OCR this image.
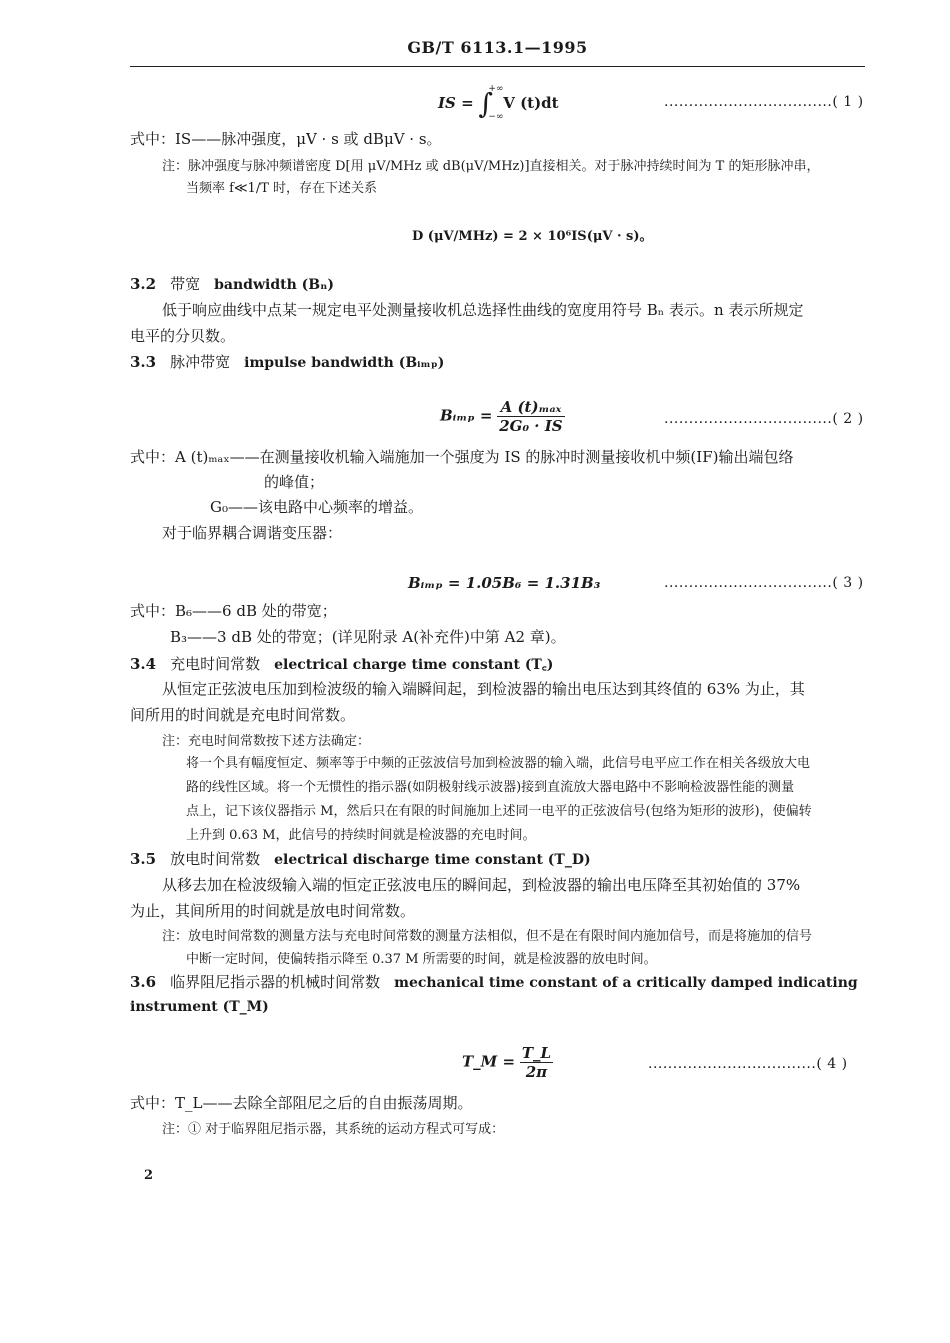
GB/T 6113.1—1995
IS = ∫
+∞
−∞
V (t)dt	..................................( 1 )
式中：IS——脉冲强度，μV · s 或 dBμV · s。
注：脉冲强度与脉冲频谱密度 D[用 μV/MHz 或 dB(μV/MHz)]直接相关。对于脉冲持续时间为 T 的矩形脉冲串，
当频率 f≪1/T 时，存在下述关系
D (μV/MHz) = 2 × 10⁶IS(μV · s)。
3.2 带宽 bandwidth (Bₙ)
低于响应曲线中点某一规定电平处测量接收机总选择性曲线的宽度用符号 Bₙ 表示。n 表示所规定
电平的分贝数。
3.3 脉冲带宽 impulse bandwidth (Bᵢₘₚ)
Bᵢₘₚ = $\frac{\text{A (t)ₘₐₓ}}{\text{2G₀ · IS}}$	..................................( 2 )
式中：A (t)ₘₐₓ——在测量接收机输入端施加一个强度为 IS 的脉冲时测量接收机中频(IF)输出端包络
的峰值；
G₀——该电路中心频率的增益。
对于临界耦合调谐变压器：
Bᵢₘₚ = 1.05B₆ = 1.31B₃	..................................( 3 )
式中：B₆——6 dB 处的带宽；
B₃——3 dB 处的带宽；(详见附录 A(补充件)中第 A2 章)。
3.4 充电时间常数 electrical charge time constant (T꜀)
从恒定正弦波电压加到检波级的输入端瞬间起，到检波器的输出电压达到其终值的 63% 为止，其
间所用的时间就是充电时间常数。
注：充电时间常数按下述方法确定：
将一个具有幅度恒定、频率等于中频的正弦波信号加到检波器的输入端，此信号电平应工作在相关各级放大电
路的线性区域。将一个无惯性的指示器(如阴极射线示波器)接到直流放大器电路中不影响检波器性能的测量
点上，记下该仪器指示 M，然后只在有限的时间施加上述同一电平的正弦波信号(包络为矩形的波形)，使偏转
上升到 0.63 M，此信号的持续时间就是检波器的充电时间。
3.5 放电时间常数 electrical discharge time constant (T_D)
从移去加在检波级输入端的恒定正弦波电压的瞬间起，到检波器的输出电压降至其初始值的 37%
为止，其间所用的时间就是放电时间常数。
注：放电时间常数的测量方法与充电时间常数的测量方法相似，但不是在有限时间内施加信号，而是将施加的信号
中断一定时间，使偏转指示降至 0.37 M 所需要的时间，就是检波器的放电时间。
3.6 临界阻尼指示器的机械时间常数 mechanical time constant of a critically damped indicating
instrument (T_M)
T_M = $\frac{T\_L}{2\pi}$	..................................( 4 )
式中：T_L——去除全部阻尼之后的自由振荡周期。
注：① 对于临界阻尼指示器，其系统的运动方程式可写成：
2
